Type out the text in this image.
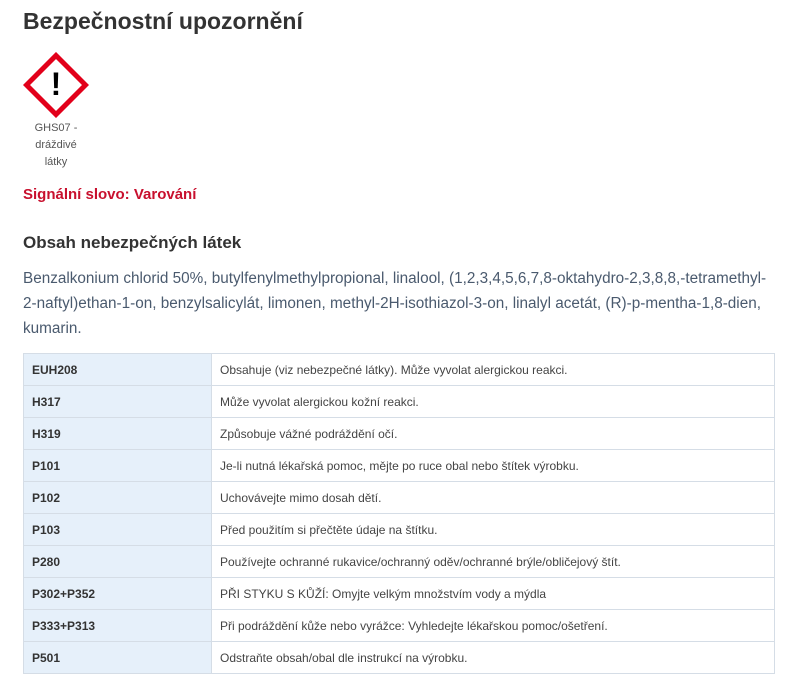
Bezpečnostní upozornění
!
GHS07 - dráždivé látky
Signální slovo: Varování
Obsah nebezpečných látek

Benzalkonium chlorid 50%, butylfenylmethylpropional, linalool, (1,2,3,4,5,6,7,8-oktahydro-2,3,8,8,-tetramethyl-2-naftyl)ethan-1-on, benzylsalicylát, limonen, methyl-2H-isothiazol-3-on, linalyl acetát, (R)-p-mentha-1,8-dien, kumarin.

EUH208	Obsahuje (viz nebezpečné látky). Může vyvolat alergickou reakci.
H317	Může vyvolat alergickou kožní reakci.
H319	Způsobuje vážné podráždění očí.
P101	Je-li nutná lékařská pomoc, mějte po ruce obal nebo štítek výrobku.
P102	Uchovávejte mimo dosah dětí.
P103	Před použitím si přečtěte údaje na štítku.
P280	Používejte ochranné rukavice/ochranný oděv/ochranné brýle/obličejový štít.
P302+P352	PŘI STYKU S KŮŽÍ: Omyjte velkým množstvím vody a mýdla
P333+P313	Při podráždění kůže nebo vyrážce: Vyhledejte lékařskou pomoc/ošetření.
P501	Odstraňte obsah/obal dle instrukcí na výrobku.
